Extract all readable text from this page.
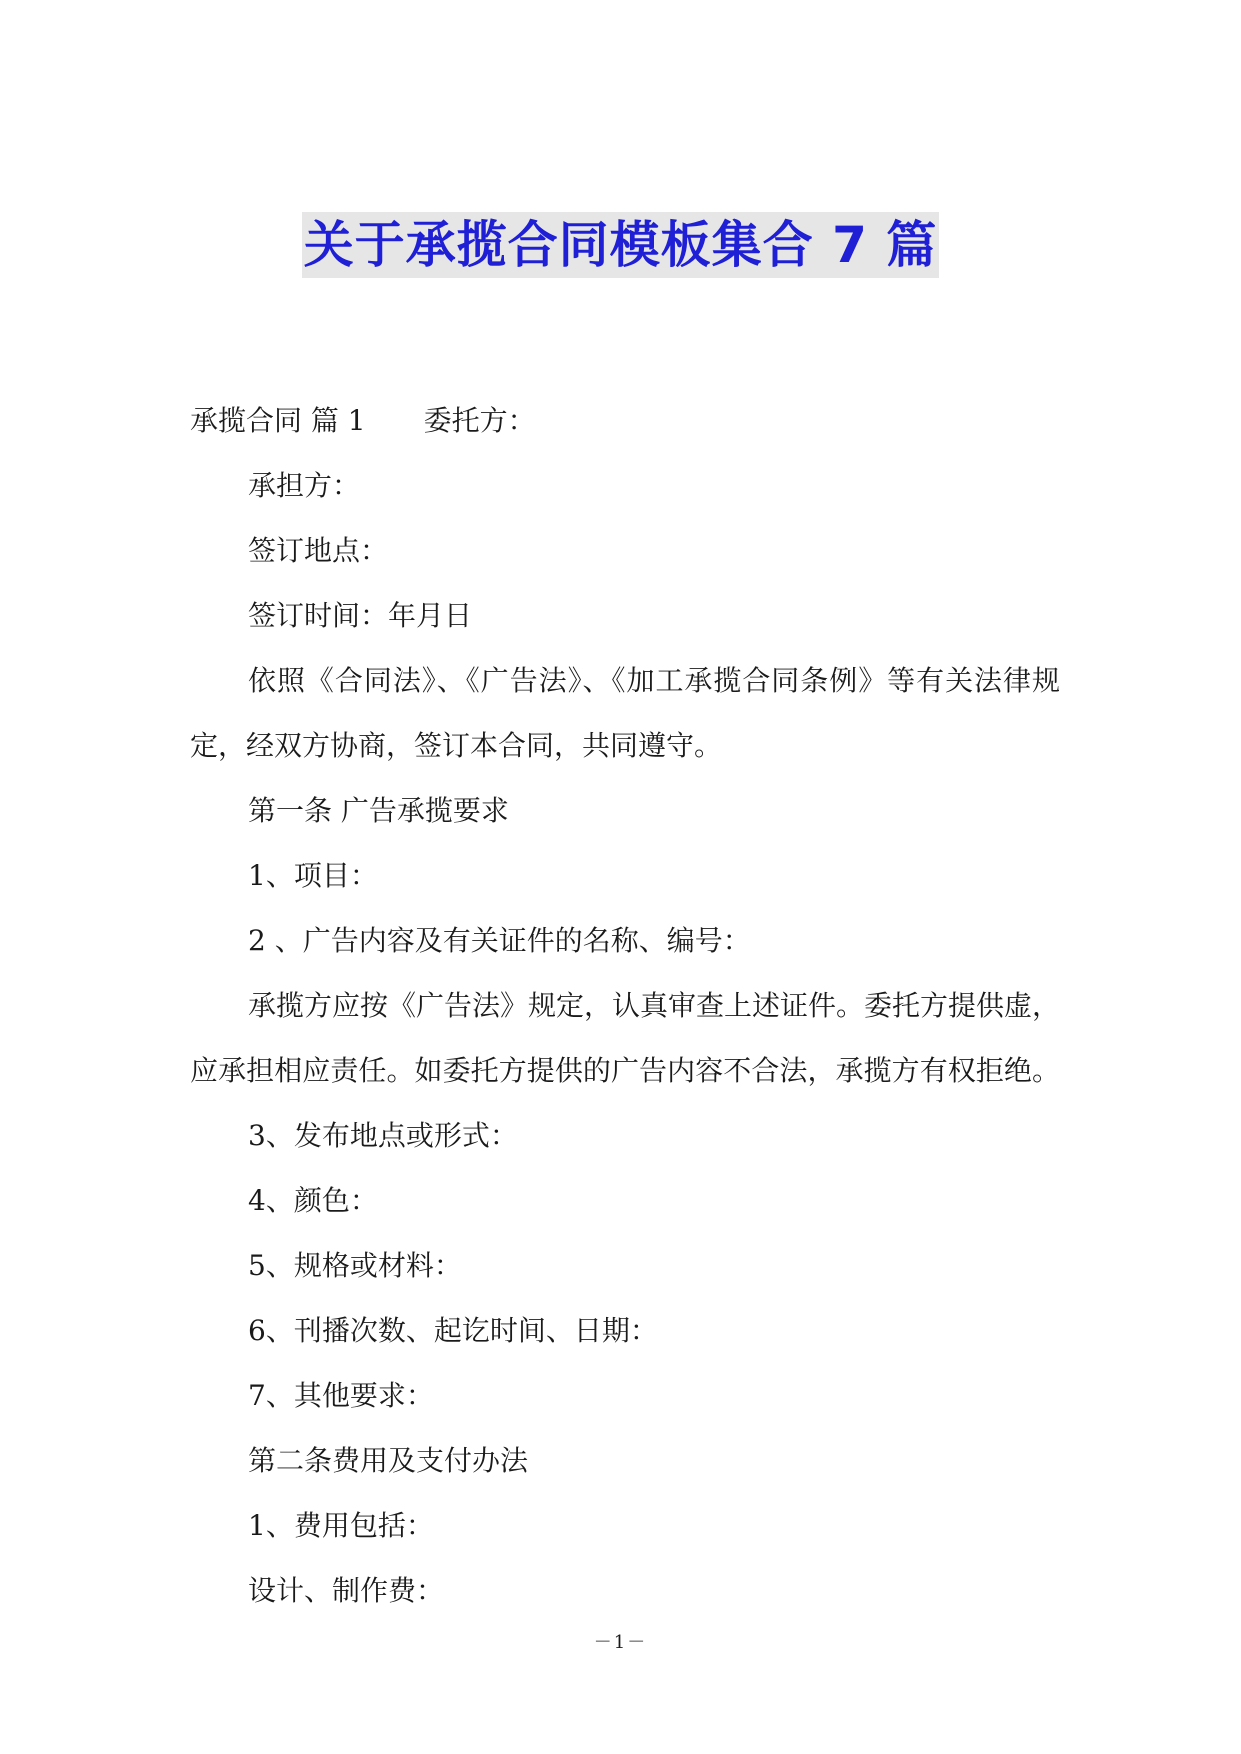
关于承揽合同模板集合 7 篇
承揽合同 篇 1 委托方：
承担方：
签订地点：
签订时间：年月日
依照《合同法》、《广告法》、《加工承揽合同条例》等有关法律规
定，经双方协商，签订本合同，共同遵守。
第一条 广告承揽要求
1、项目：
2 、广告内容及有关证件的名称、编号：
承揽方应按《广告法》规定，认真审查上述证件。委托方提供虚，
应承担相应责任。如委托方提供的广告内容不合法，承揽方有权拒绝。
3、发布地点或形式：
4、颜色：
5、规格或材料：
6、刊播次数、起讫时间、日期：
7、其他要求：
第二条费用及支付办法
1、费用包括：
设计、制作费：
－1－
